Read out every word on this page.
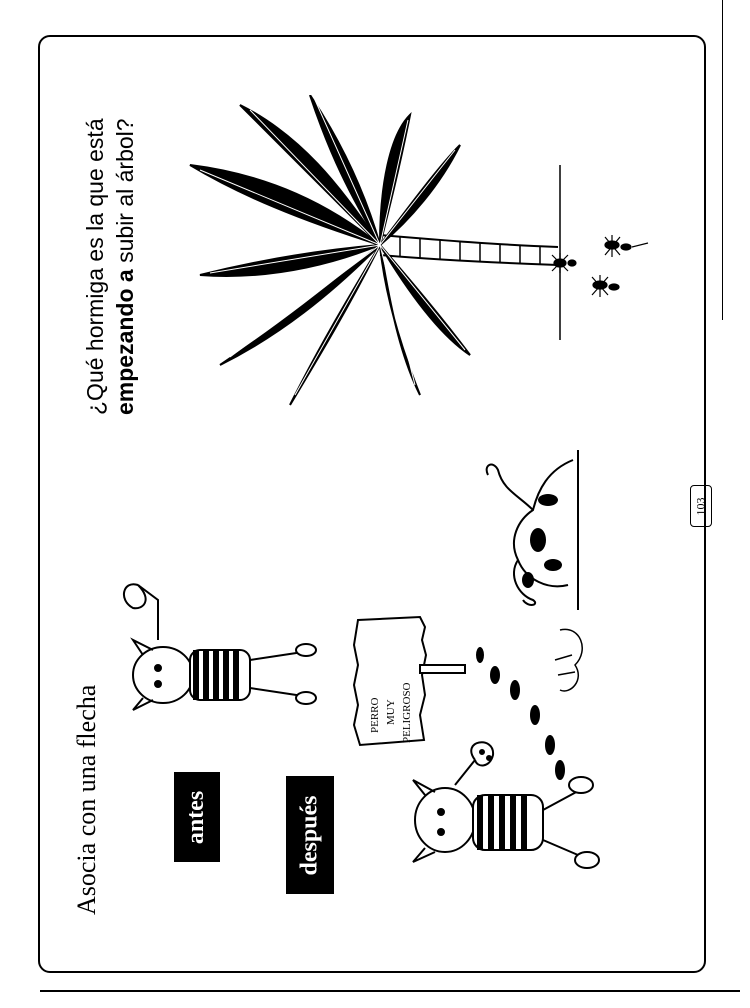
Asocia con una flecha	antes	después
¿Qué hormiga es la que está empezando a subir al árbol?
103
PERRO MUY PELIGROSO
